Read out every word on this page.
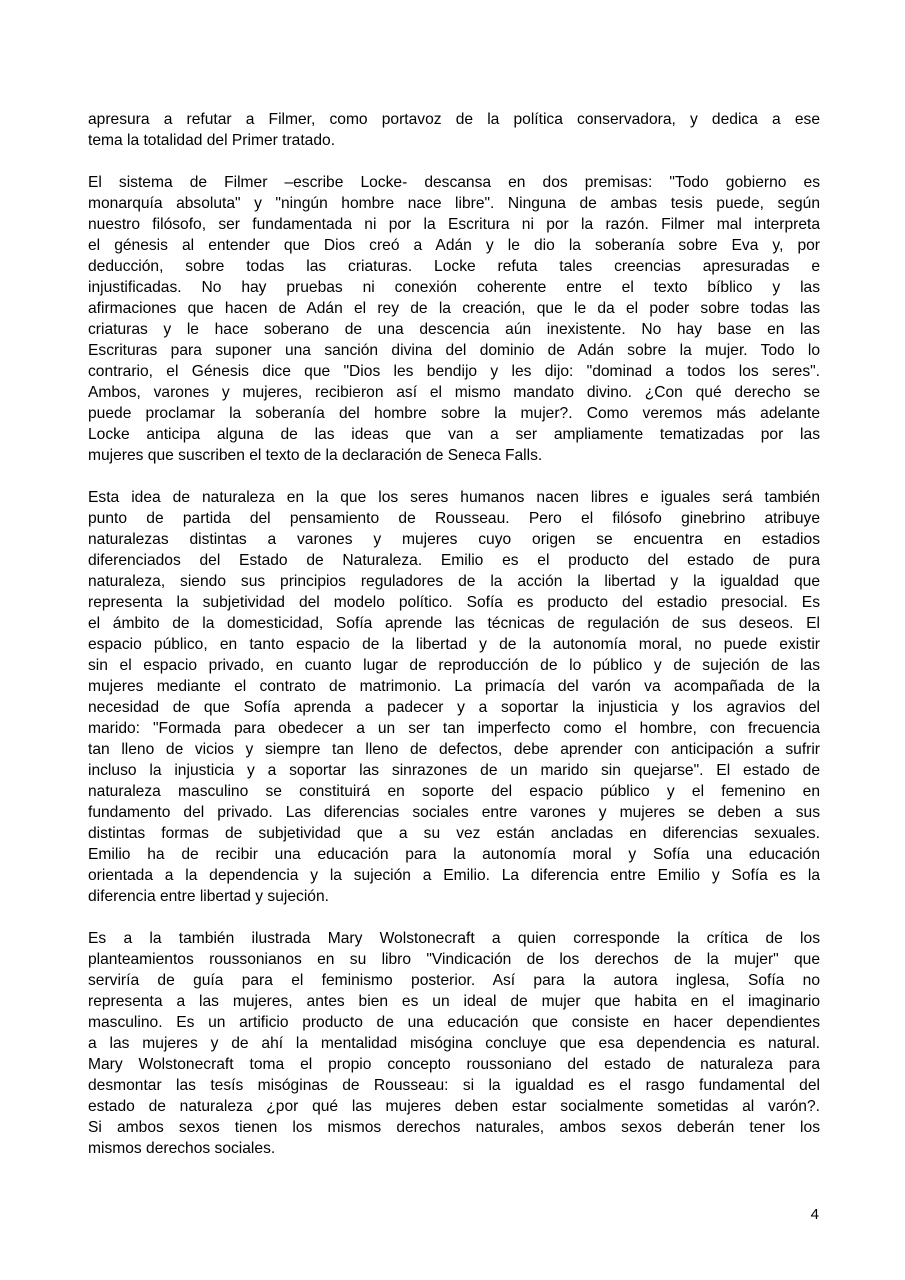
apresura a refutar a Filmer, como portavoz de la política conservadora, y dedica a ese
tema la totalidad del Primer tratado.
El sistema de Filmer –escribe Locke- descansa en dos premisas: "Todo gobierno es
monarquía absoluta" y "ningún hombre nace libre". Ninguna de ambas tesis puede, según
nuestro filósofo, ser fundamentada ni por la Escritura ni por la razón. Filmer mal interpreta
el génesis al entender que Dios creó a Adán y le dio la soberanía sobre Eva y, por
deducción, sobre todas las criaturas. Locke refuta tales creencias apresuradas e
injustificadas. No hay pruebas ni conexión coherente entre el texto bíblico y las
afirmaciones que hacen de Adán el rey de la creación, que le da el poder sobre todas las
criaturas y le hace soberano de una descencia aún inexistente. No hay base en las
Escrituras para suponer una sanción divina del dominio de Adán sobre la mujer. Todo lo
contrario, el Génesis dice que "Dios les bendijo y les dijo: "dominad a todos los seres".
Ambos, varones y mujeres, recibieron así el mismo mandato divino. ¿Con qué derecho se
puede proclamar la soberanía del hombre sobre la mujer?. Como veremos más adelante
Locke anticipa alguna de las ideas que van a ser ampliamente tematizadas por las
mujeres que suscriben el texto de la declaración de Seneca Falls.
Esta idea de naturaleza en la que los seres humanos nacen libres e iguales será también
punto de partida del pensamiento de Rousseau. Pero el filósofo ginebrino atribuye
naturalezas distintas a varones y mujeres cuyo origen se encuentra en estadios
diferenciados del Estado de Naturaleza. Emilio es el producto del estado de pura
naturaleza, siendo sus principios reguladores de la acción la libertad y la igualdad que
representa la subjetividad del modelo político. Sofía es producto del estadio presocial. Es
el ámbito de la domesticidad, Sofía aprende las técnicas de regulación de sus deseos. El
espacio público, en tanto espacio de la libertad y de la autonomía moral, no puede existir
sin el espacio privado, en cuanto lugar de reproducción de lo público y de sujeción de las
mujeres mediante el contrato de matrimonio. La primacía del varón va acompañada de la
necesidad de que Sofía aprenda a padecer y a soportar la injusticia y los agravios del
marido: "Formada para obedecer a un ser tan imperfecto como el hombre, con frecuencia
tan lleno de vicios y siempre tan lleno de defectos, debe aprender con anticipación a sufrir
incluso la injusticia y a soportar las sinrazones de un marido sin quejarse". El estado de
naturaleza masculino se constituirá en soporte del espacio público y el femenino en
fundamento del privado. Las diferencias sociales entre varones y mujeres se deben a sus
distintas formas de subjetividad que a su vez están ancladas en diferencias sexuales.
Emilio ha de recibir una educación para la autonomía moral y Sofía una educación
orientada a la dependencia y la sujeción a Emilio. La diferencia entre Emilio y Sofía es la
diferencia entre libertad y sujeción.
Es a la también ilustrada Mary Wolstonecraft a quien corresponde la crítica de los
planteamientos roussonianos en su libro "Vindicación de los derechos de la mujer" que
serviría de guía para el feminismo posterior. Así para la autora inglesa, Sofía no
representa a las mujeres, antes bien es un ideal de mujer que habita en el imaginario
masculino. Es un artificio producto de una educación que consiste en hacer dependientes
a las mujeres y de ahí la mentalidad misógina concluye que esa dependencia es natural.
Mary Wolstonecraft toma el propio concepto roussoniano del estado de naturaleza para
desmontar las tesís misóginas de Rousseau: si la igualdad es el rasgo fundamental del
estado de naturaleza ¿por qué las mujeres deben estar socialmente sometidas al varón?.
Si ambos sexos tienen los mismos derechos naturales, ambos sexos deberán tener los
mismos derechos sociales.
4
